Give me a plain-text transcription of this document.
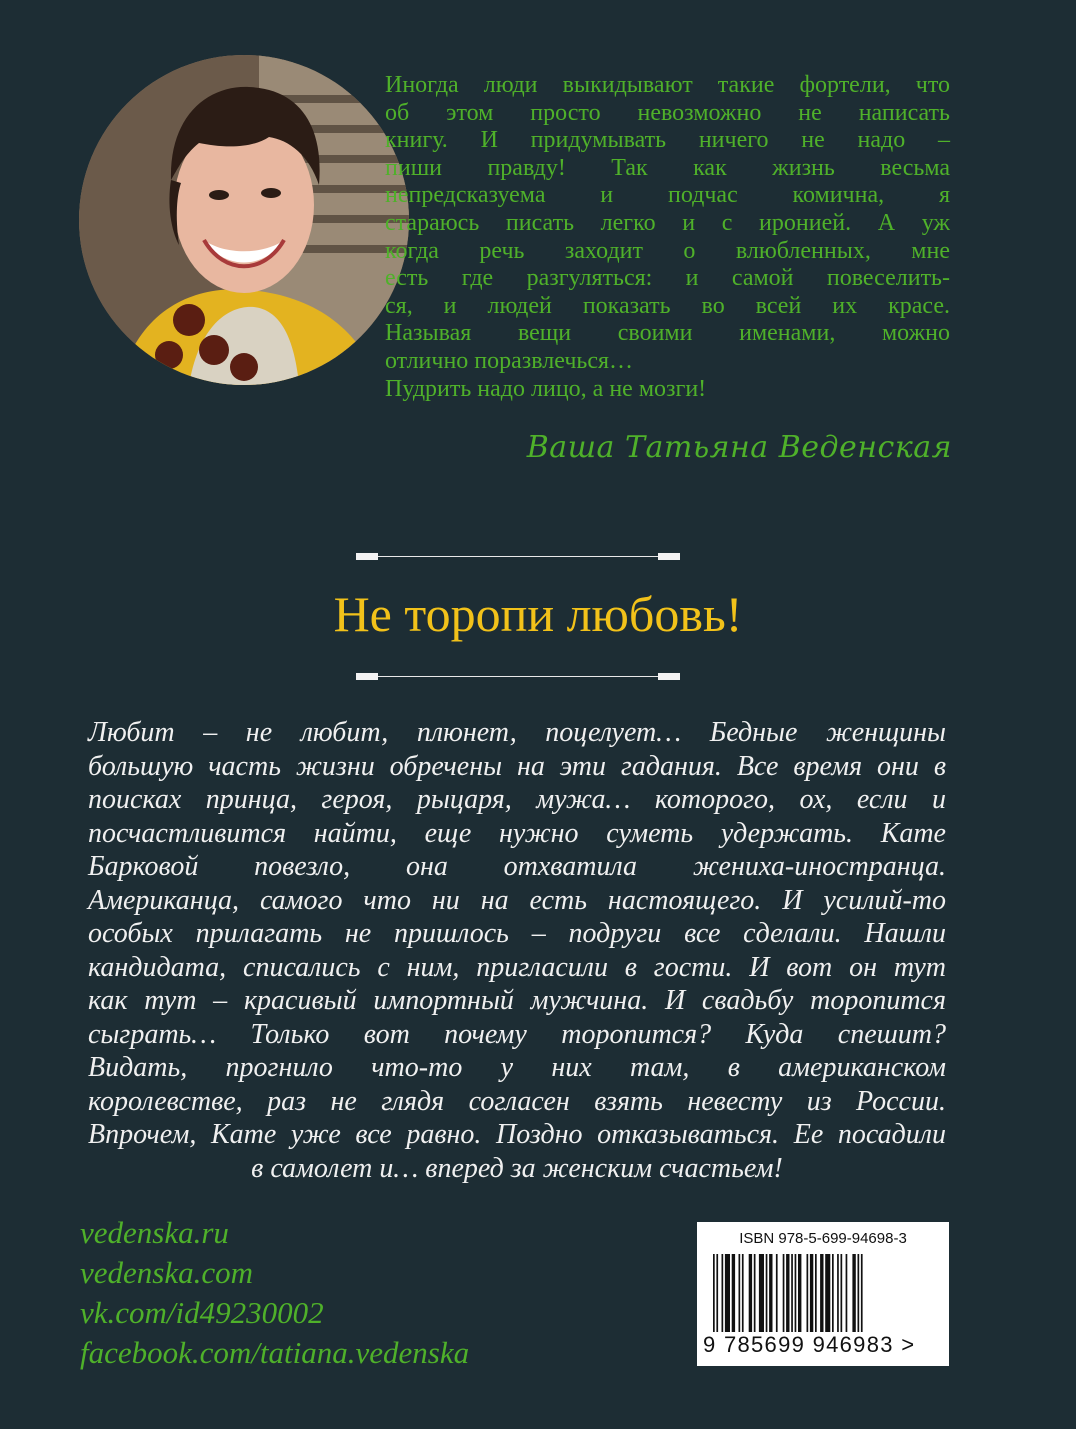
Иногда люди выкидывают такие фортели, что
об этом просто невозможно не написать
книгу. И придумывать ничего не надо –
пиши правду! Так как жизнь весьма
непредсказуема и подчас комична, я
стараюсь писать легко и с иронией. А уж
когда речь заходит о влюбленных, мне
есть где разгуляться: и самой повеселить-
ся, и людей показать во всей их красе.
Называя вещи своими именами, можно
отлично поразвлечься…
Пудрить надо лицо, а не мозги!
Ваша Татьяна Веденская
Не торопи любовь!
Любит – не любит, плюнет, поцелует… Бедные женщины
большую часть жизни обречены на эти гадания. Все время они в
поисках принца, героя, рыцаря, мужа… которого, ох, если и
посчастливится найти, еще нужно суметь удержать. Кате
Барковой повезло, она отхватила жениха-иностранца.
Американца, самого что ни на есть настоящего. И усилий-то
особых прилагать не пришлось – подруги все сделали. Нашли
кандидата, списались с ним, пригласили в гости. И вот он тут
как тут – красивый импортный мужчина. И свадьбу торопится
сыграть… Только вот почему торопится? Куда спешит?
Видать, прогнило что-то у них там, в американском
королевстве, раз не глядя согласен взять невесту из России.
Впрочем, Кате уже все равно. Поздно отказываться. Ее посадили
в самолет и… вперед за женским счастьем!
vedenska.ru
vedenska.com
vk.com/id49230002
facebook.com/tatiana.vedenska
ISBN 978-5-699-94698-3
9 785699 946983 >
